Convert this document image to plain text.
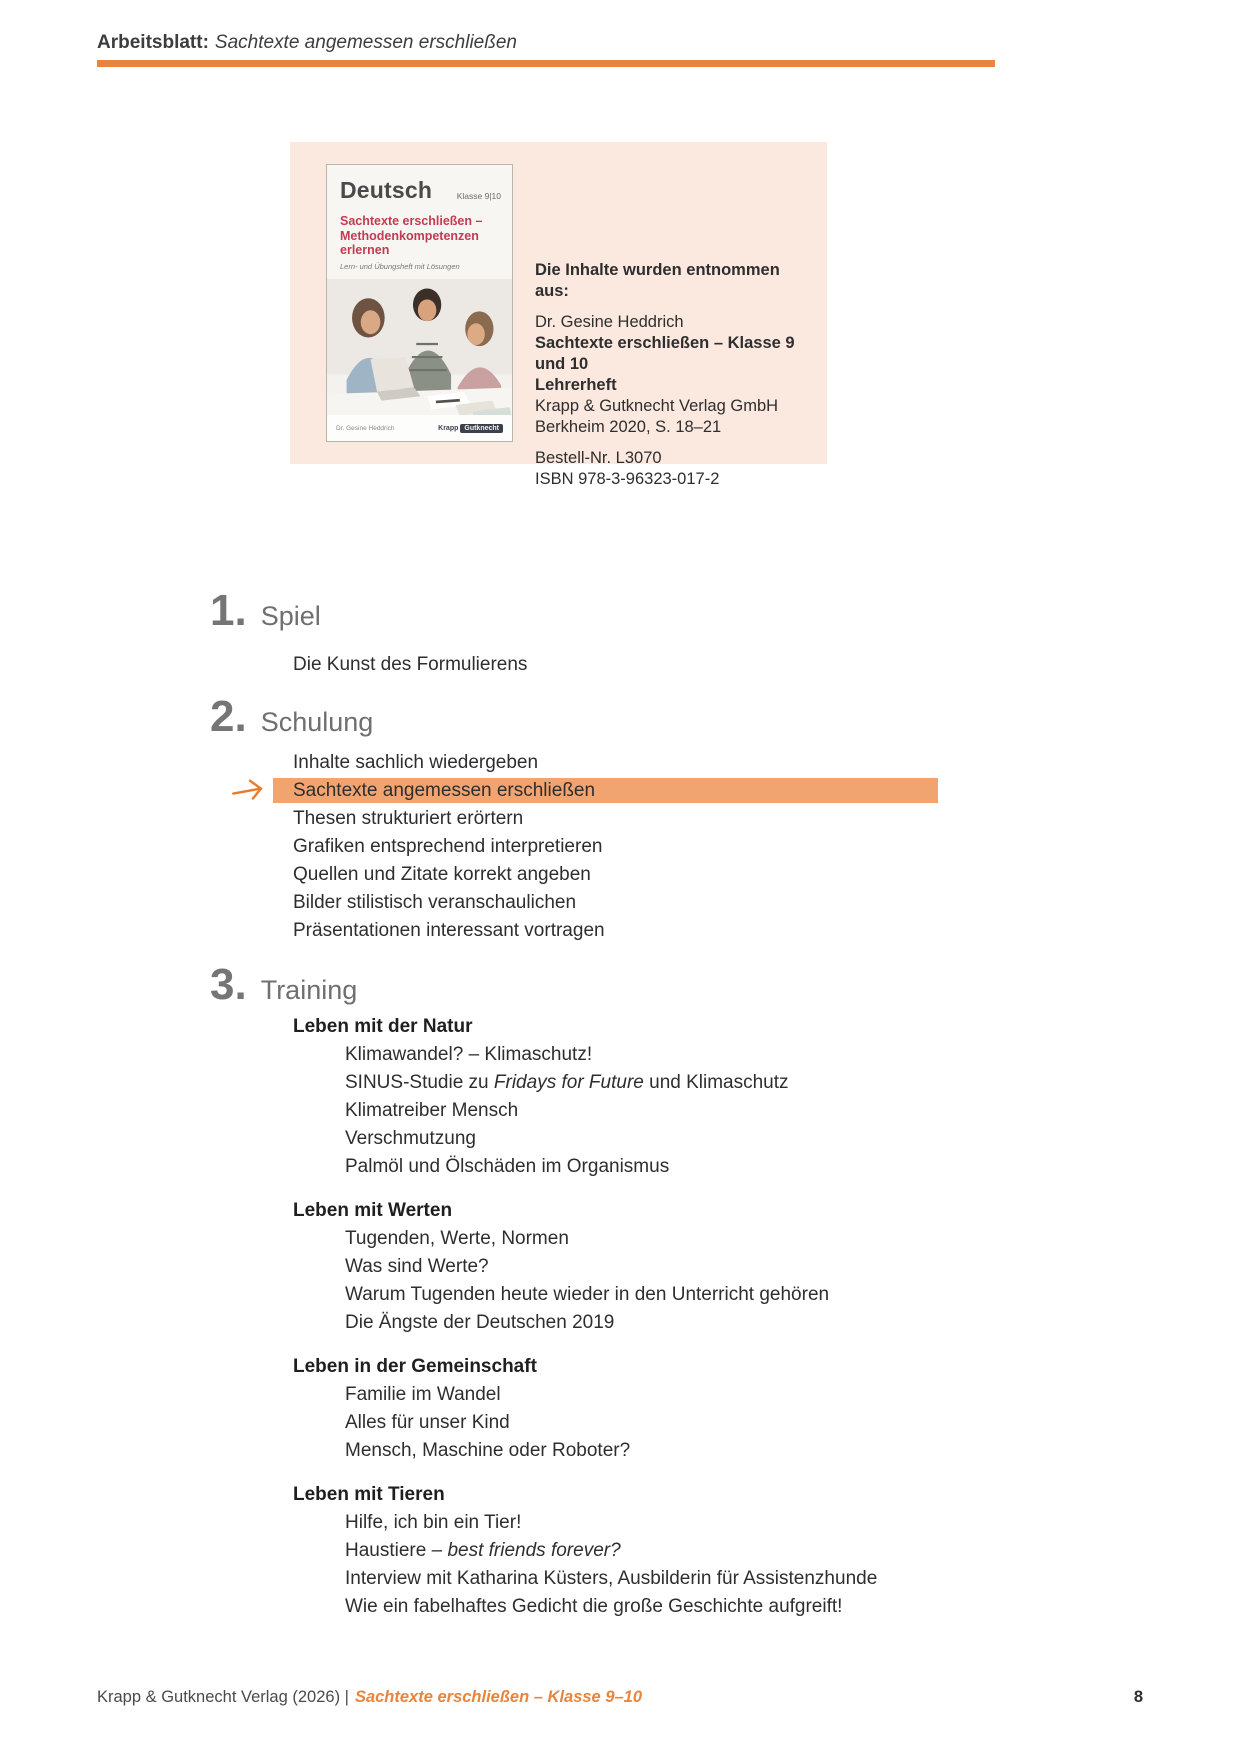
Arbeitsblatt: Sachtexte angemessen erschließen
Deutsch	Klasse 9|10
Sachtexte erschließen –
Methodenkompetenzen erlernen
Lern- und Übungsheft mit Lösungen
Dr. Gesine Heddrich	Krapp Gutknecht
Die Inhalte wurden entnommen aus:
Dr. Gesine Heddrich
Sachtexte erschließen – Klasse 9 und 10
Lehrerheft
Krapp & Gutknecht Verlag GmbH
Berkheim 2020, S. 18–21
Bestell-Nr. L3070
ISBN 978-3-96323-017-2
1. Spiel
Die Kunst des Formulierens
2. Schulung
Inhalte sachlich wiedergeben
Sachtexte angemessen erschließen
Thesen strukturiert erörtern
Grafiken entsprechend interpretieren
Quellen und Zitate korrekt angeben
Bilder stilistisch veranschaulichen
Präsentationen interessant vortragen
3. Training
Leben mit der Natur
Klimawandel? – Klimaschutz!
SINUS-Studie zu Fridays for Future und Klimaschutz
Klimatreiber Mensch
Verschmutzung
Palmöl und Ölschäden im Organismus
Leben mit Werten
Tugenden, Werte, Normen
Was sind Werte?
Warum Tugenden heute wieder in den Unterricht gehören
Die Ängste der Deutschen 2019
Leben in der Gemeinschaft
Familie im Wandel
Alles für unser Kind
Mensch, Maschine oder Roboter?
Leben mit Tieren
Hilfe, ich bin ein Tier!
Haustiere – best friends forever?
Interview mit Katharina Küsters, Ausbilderin für Assistenzhunde
Wie ein fabelhaftes Gedicht die große Geschichte aufgreift!
Krapp & Gutknecht Verlag (2026) | Sachtexte erschließen – Klasse 9–10	8
